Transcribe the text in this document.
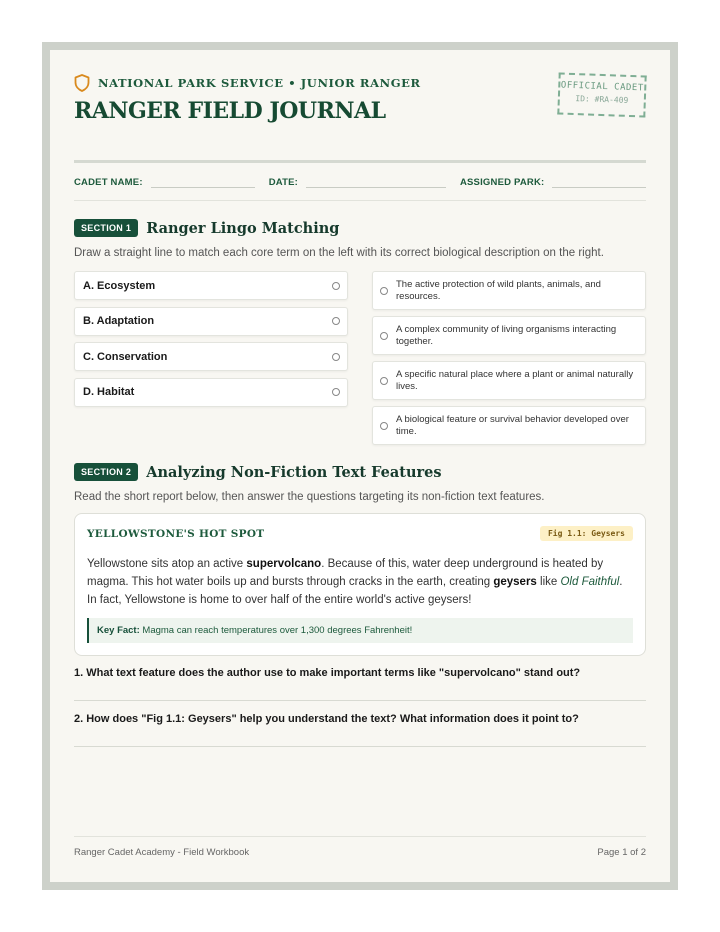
NATIONAL PARK SERVICE • JUNIOR RANGER
RANGER FIELD JOURNAL
OFFICIAL CADET
ID: #RA-409
CADET NAME:	DATE:	ASSIGNED PARK:
SECTION 1	Ranger Lingo Matching
Draw a straight line to match each core term on the left with its correct biological description on the right.
A. Ecosystem
B. Adaptation
C. Conservation
D. Habitat
The active protection of wild plants, animals, and resources.
A complex community of living organisms interacting together.
A specific natural place where a plant or animal naturally lives.
A biological feature or survival behavior developed over time.
SECTION 2	Analyzing Non-Fiction Text Features
Read the short report below, then answer the questions targeting its non-fiction text features.
YELLOWSTONE'S HOT SPOT	Fig 1.1: Geysers

Yellowstone sits atop an active supervolcano. Because of this, water deep underground is heated by magma. This hot water boils up and bursts through cracks in the earth, creating geysers like Old Faithful. In fact, Yellowstone is home to over half of the entire world's active geysers!

Key Fact: Magma can reach temperatures over 1,300 degrees Fahrenheit!
1. What text feature does the author use to make important terms like "supervolcano" stand out?
2. How does "Fig 1.1: Geysers" help you understand the text? What information does it point to?
Ranger Cadet Academy - Field Workbook	Page 1 of 2
